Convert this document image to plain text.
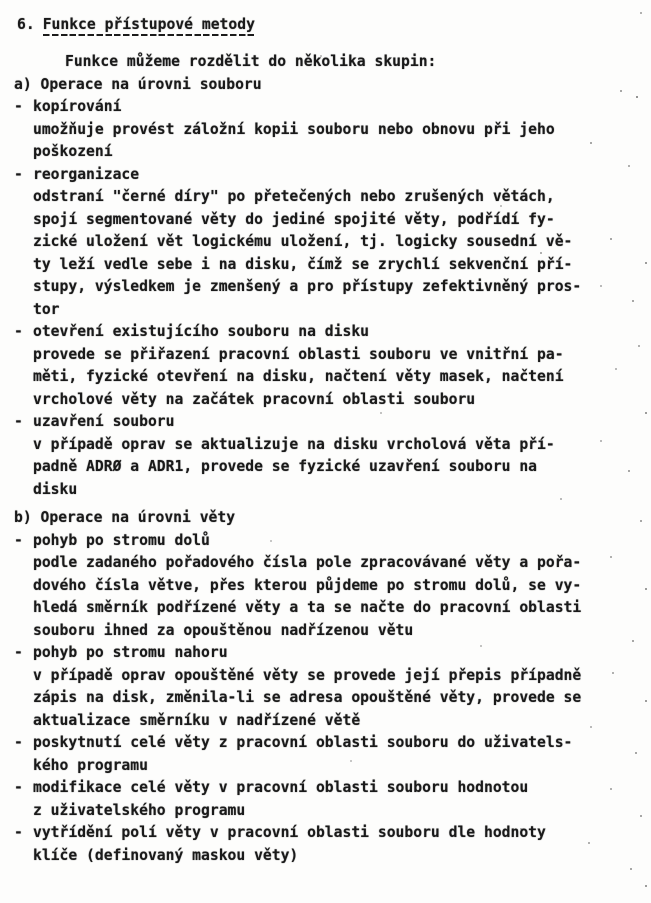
6. Funkce přístupové metody
Funkce můžeme rozdělit do několika skupin:
a) Operace na úrovni souboru
- kopírování
umožňuje provést záložní kopii souboru nebo obnovu při jeho
poškození
- reorganizace
odstraní "černé díry" po přetečených nebo zrušených větách,
spojí segmentované věty do jediné spojité věty, podřídí fy-
zické uložení vět logickému uložení, tj. logicky sousední vě-
ty leží vedle sebe i na disku, čímž se zrychlí sekvenční pří-
stupy, výsledkem je zmenšený a pro přístupy zefektivněný pros-
tor
- otevření existujícího souboru na disku
provede se přiřazení pracovní oblasti souboru ve vnitřní pa-
měti, fyzické otevření na disku, načtení věty masek, načtení
vrcholové věty na začátek pracovní oblasti souboru
- uzavření souboru
v případě oprav se aktualizuje na disku vrcholová věta pří-
padně ADRØ a ADR1, provede se fyzické uzavření souboru na
disku
b) Operace na úrovni věty
- pohyb po stromu dolů
podle zadaného pořadového čísla pole zpracovávané věty a pořa-
dového čísla větve, přes kterou půjdeme po stromu dolů, se vy-
hledá směrník podřízené věty a ta se načte do pracovní oblasti
souboru ihned za opouštěnou nadřízenou větu
- pohyb po stromu nahoru
v případě oprav opouštěné věty se provede její přepis případně
zápis na disk, změnila-li se adresa opouštěné věty, provede se
aktualizace směrníku v nadřízené větě
- poskytnutí celé věty z pracovní oblasti souboru do uživatels-
kého programu
- modifikace celé věty v pracovní oblasti souboru hodnotou
z uživatelského programu
- vytřídění polí věty v pracovní oblasti souboru dle hodnoty
klíče (definovaný maskou věty)
